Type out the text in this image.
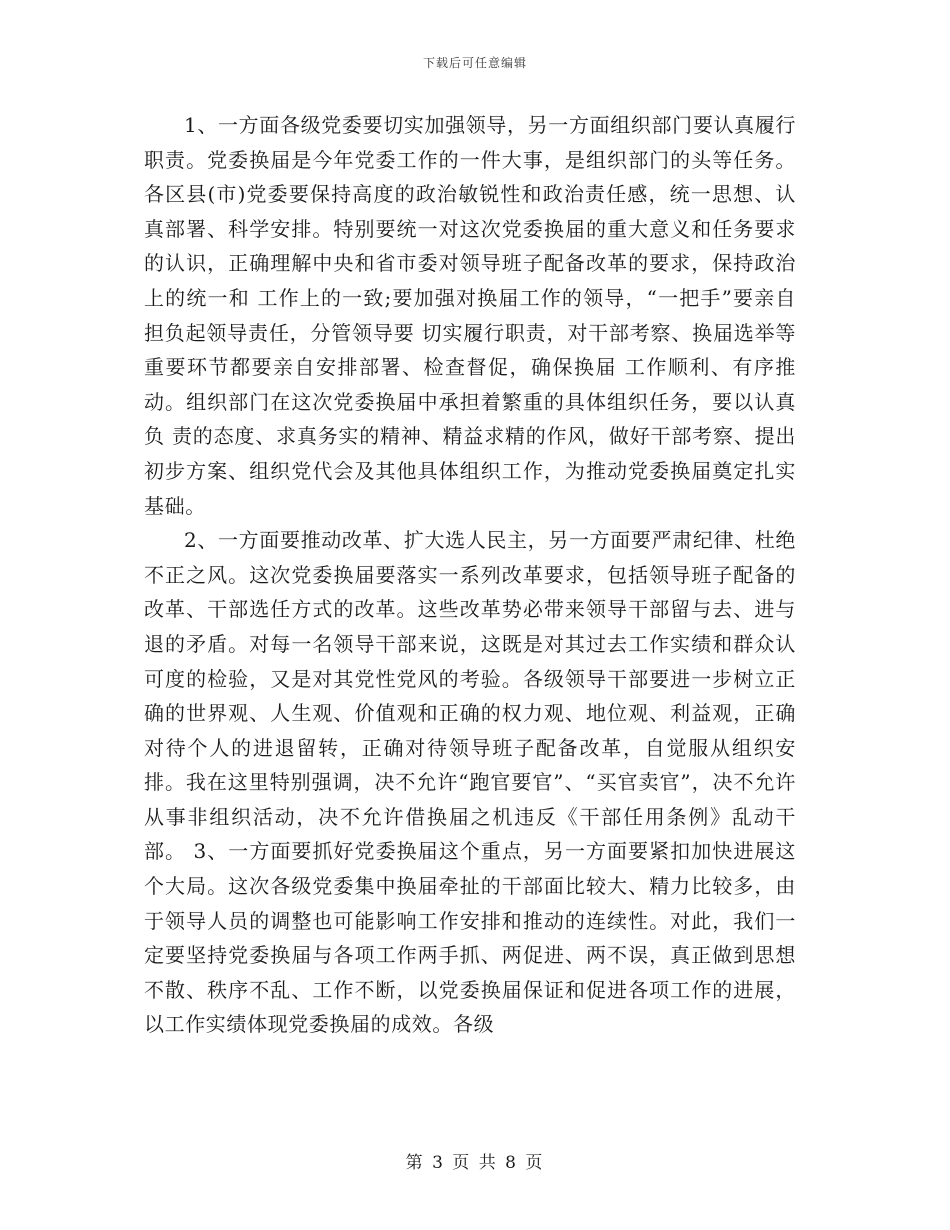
下载后可任意编辑

1、一方面各级党委要切实加强领导，另一方面组织部门要认真履行职责。党委换届是今年党委工作的一件大事，是组织部门的头等任务。各区县(市)党委要保持高度的政治敏锐性和政治责任感，统一思想、认真部署、科学安排。特别要统一对这次党委换届的重大意义和任务要求的认识，正确理解中央和省市委对领导班子配备改革的要求，保持政治上的统一和 工作上的一致;要加强对换届工作的领导，“一把手”要亲自担负起领导责任，分管领导要 切实履行职责，对干部考察、换届选举等重要环节都要亲自安排部署、检查督促，确保换届 工作顺利、有序推动。组织部门在这次党委换届中承担着繁重的具体组织任务，要以认真负 责的态度、求真务实的精神、精益求精的作风，做好干部考察、提出初步方案、组织党代会及其他具体组织工作，为推动党委换届奠定扎实基础。

2、一方面要推动改革、扩大选人民主，另一方面要严肃纪律、杜绝不正之风。这次党委换届要落实一系列改革要求，包括领导班子配备的改革、干部选任方式的改革。这些改革势必带来领导干部留与去、进与退的矛盾。对每一名领导干部来说，这既是对其过去工作实绩和群众认可度的检验，又是对其党性党风的考验。各级领导干部要进一步树立正确的世界观、人生观、价值观和正确的权力观、地位观、利益观，正确对待个人的进退留转，正确对待领导班子配备改革，自觉服从组织安排。我在这里特别强调，决不允许“跑官要官”、“买官卖官”，决不允许从事非组织活动，决不允许借换届之机违反《干部任用条例》乱动干部。 3、一方面要抓好党委换届这个重点，另一方面要紧扣加快进展这个大局。这次各级党委集中换届牵扯的干部面比较大、精力比较多，由于领导人员的调整也可能影响工作安排和推动的连续性。对此，我们一定要坚持党委换届与各项工作两手抓、两促进、两不误，真正做到思想不散、秩序不乱、工作不断，以党委换届保证和促进各项工作的进展，以工作实绩体现党委换届的成效。各级

第 3 页 共 8 页
